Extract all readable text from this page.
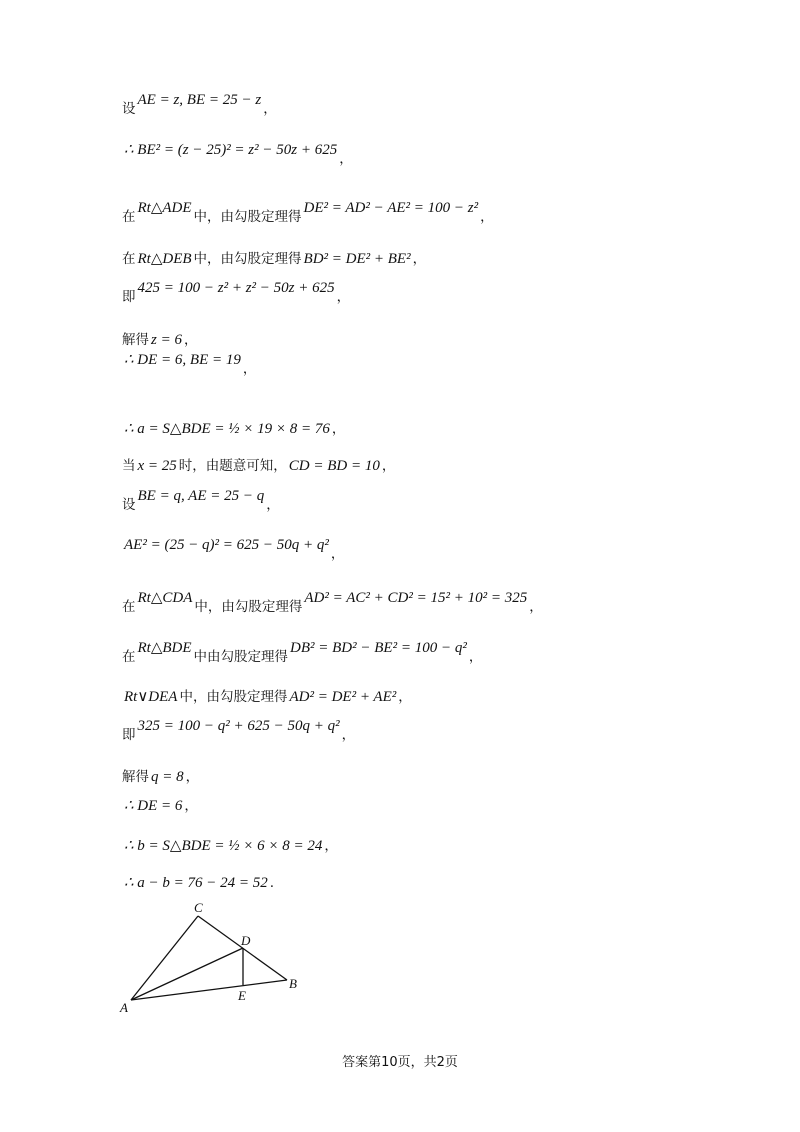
设AE = z, BE = 25 − z，
∴ BE² = (z − 25)² = z² − 50z + 625，
在Rt△ADE中，由勾股定理得DE² = AD² − AE² = 100 − z²，
在 Rt△DEB 中，由勾股定理得 BD² = DE² + BE² ，
即425 = 100 − z² + z² − 50z + 625，
解得 z = 6 ，
∴ DE = 6, BE = 19，
∴ a = S△BDE = ½ × 19 × 8 = 76 ，
当 x = 25 时，由题意可知， CD = BD = 10 ，
设BE = q, AE = 25 − q，
AE² = (25 − q)² = 625 − 50q + q²，
在Rt△CDA中，由勾股定理得AD² = AC² + CD² = 15² + 10² = 325，
在Rt△BDE中由勾股定理得DB² = BD² − BE² = 100 − q²，
Rt∨DEA 中，由勾股定理得 AD² = DE² + AE² ，
即325 = 100 − q² + 625 − 50q + q²，
解得 q = 8 ，
∴ DE = 6 ，
∴ b = S△BDE = ½ × 6 × 8 = 24 ，
∴ a − b = 76 − 24 = 52 .
C
D
A
E
B
答案第10页，共2页
